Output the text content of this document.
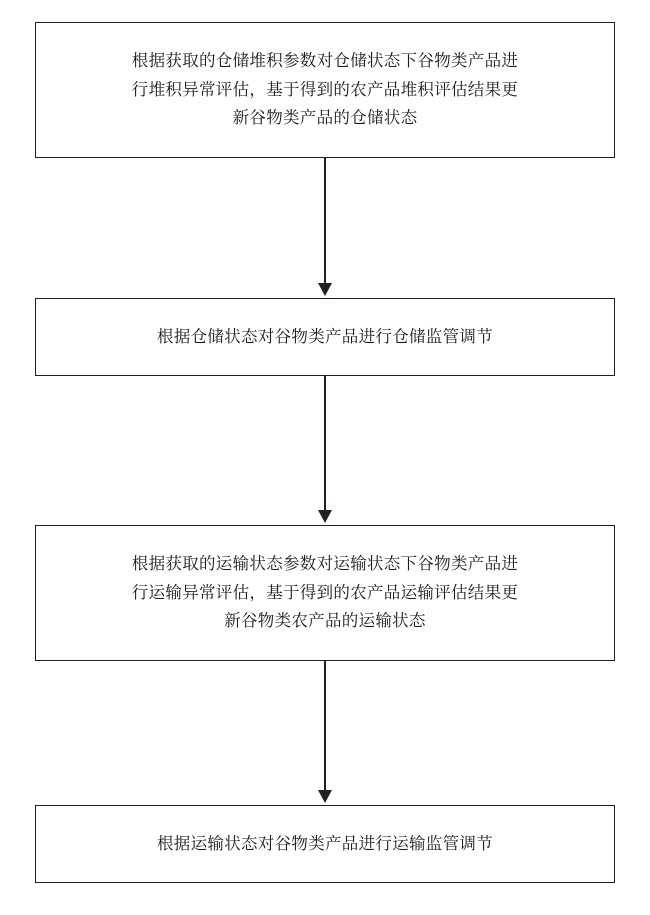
根据获取的仓储堆积参数对仓储状态下谷物类产品进
行堆积异常评估，基于得到的农产品堆积评估结果更
新谷物类产品的仓储状态
根据仓储状态对谷物类产品进行仓储监管调节
根据获取的运输状态参数对运输状态下谷物类产品进
行运输异常评估，基于得到的农产品运输评估结果更
新谷物类农产品的运输状态
根据运输状态对谷物类产品进行运输监管调节
